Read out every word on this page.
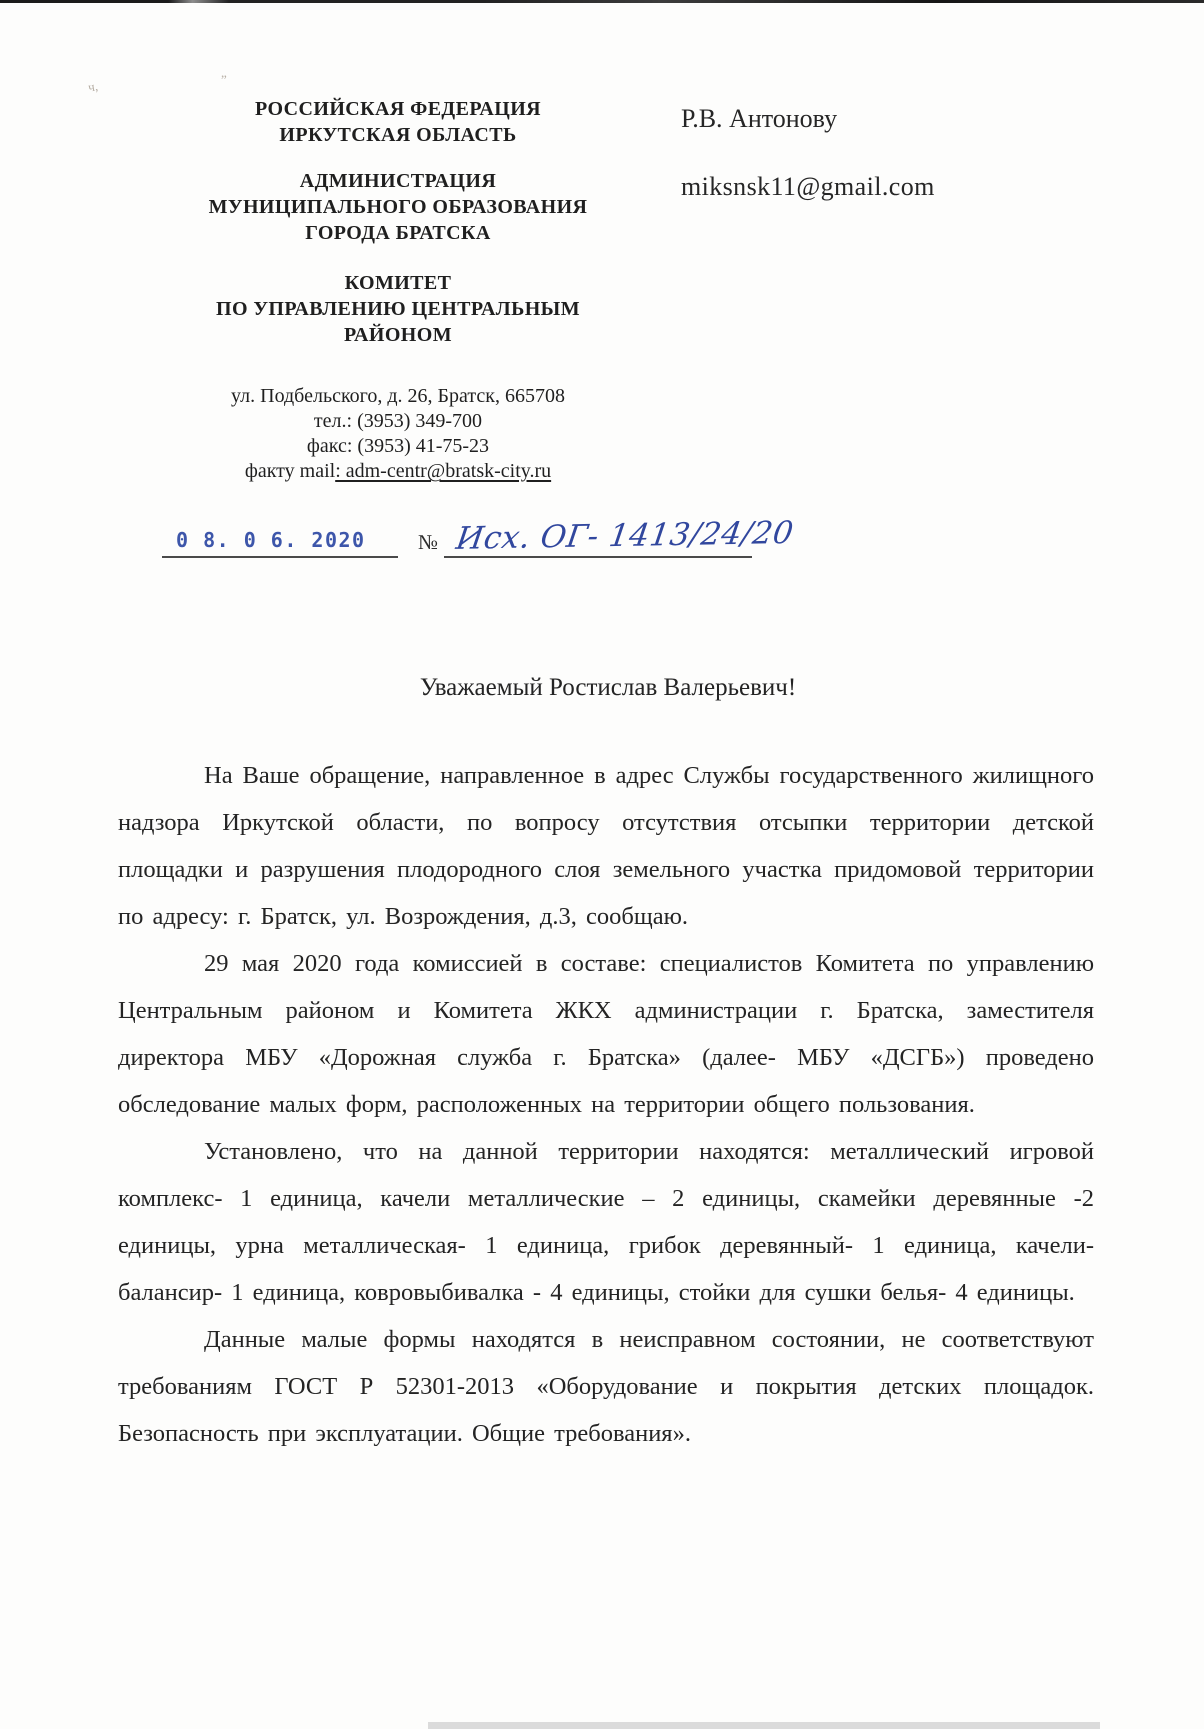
ч,	”
РОССИЙСКАЯ ФЕДЕРАЦИЯ
ИРКУТСКАЯ ОБЛАСТЬ
АДМИНИСТРАЦИЯ
МУНИЦИПАЛЬНОГО ОБРАЗОВАНИЯ
ГОРОДА БРАТСКА
КОМИТЕТ
ПО УПРАВЛЕНИЮ ЦЕНТРАЛЬНЫМ
РАЙОНОМ
ул. Подбельского, д. 26, Братск, 665708
тел.: (3953) 349-700
факс: (3953) 41-75-23
факту mail: adm-centr@bratsk-city.ru
Р.В. Антонову
miksnsk11@gmail.com
0 8. 0 6. 2020	№ Исх. ОГ- 1413/24/20
Уважаемый Ростислав Валерьевич!

На Ваше обращение, направленное в адрес Службы государственного жилищного надзора Иркутской области, по вопросу отсутствия отсыпки территории детской площадки и разрушения плодородного слоя земельного участка придомовой территории по адресу: г. Братск, ул. Возрождения, д.3, сообщаю.

29 мая 2020 года комиссией в составе: специалистов Комитета по управлению Центральным районом и Комитета ЖКХ администрации г. Братска, заместителя директора МБУ «Дорожная служба г. Братска» (далее- МБУ «ДСГБ») проведено обследование малых форм, расположенных на территории общего пользования.

Установлено, что на данной территории находятся: металлический игровой комплекс- 1 единица, качели металлические – 2 единицы, скамейки деревянные -2 единицы, урна металлическая- 1 единица, грибок деревянный- 1 единица, качели- балансир- 1 единица, ковровыбивалка - 4 единицы, стойки для сушки белья- 4 единицы.

Данные малые формы находятся в неисправном состоянии, не соответствуют требованиям ГОСТ Р 52301-2013 «Оборудование и покрытия детских площадок. Безопасность при эксплуатации. Общие требования».
